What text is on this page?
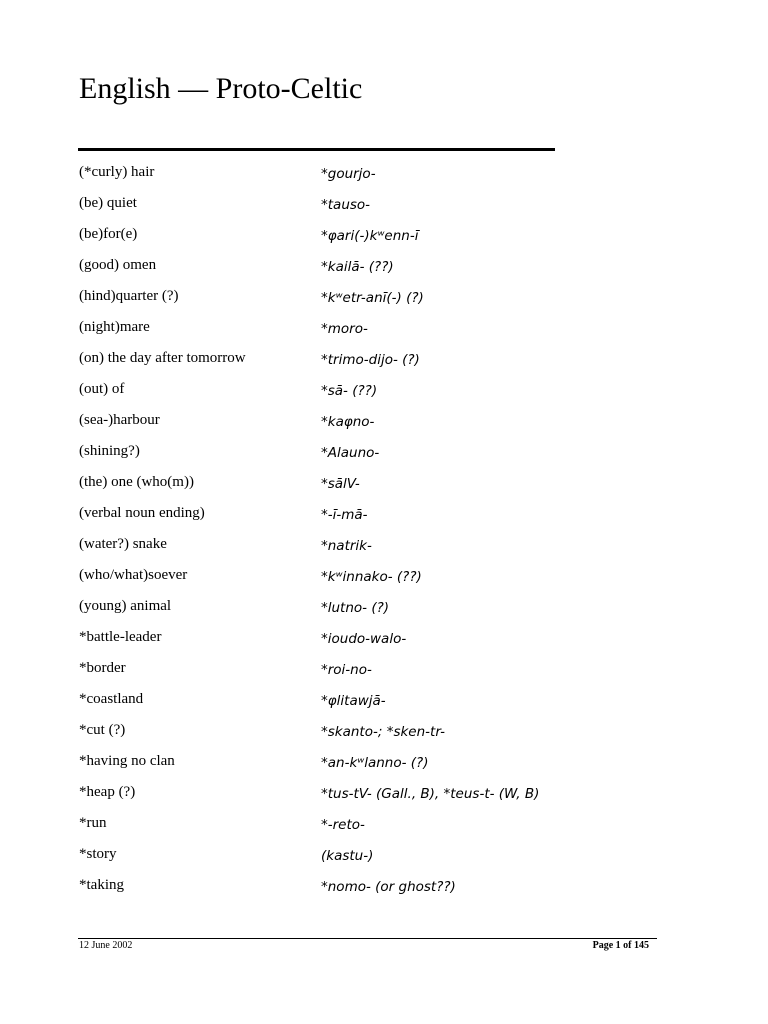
English — Proto-Celtic
(*curly) hair	*gourjo-
(be) quiet	*tauso-
(be)for(e)	*φari(-)kʷenn-ī
(good) omen	*kailā- (??)
(hind)quarter (?)	*kʷetr-anī(-) (?)
(night)mare	*moro-
(on) the day after tomorrow	*trimo-dijo- (?)
(out) of	*sā- (??)
(sea-)harbour	*kaφno-
(shining?)	*Alauno-
(the) one (who(m))	*sālV-
(verbal noun ending)	*-ī-mā-
(water?) snake	*natrik-
(who/what)soever	*kʷinnako- (??)
(young) animal	*lutno- (?)
*battle-leader	*ioudo-walo-
*border	*roi-no-
*coastland	*φlitawjā-
*cut (?)	*skanto-; *sken-tr-
*having no clan	*an-kʷlanno- (?)
*heap (?)	*tus-tV- (Gall., B), *teus-t- (W, B)
*run	*-reto-
*story	(kastu-)
*taking	*nomo- (or ghost??)
12 June 2002	Page 1 of 145
